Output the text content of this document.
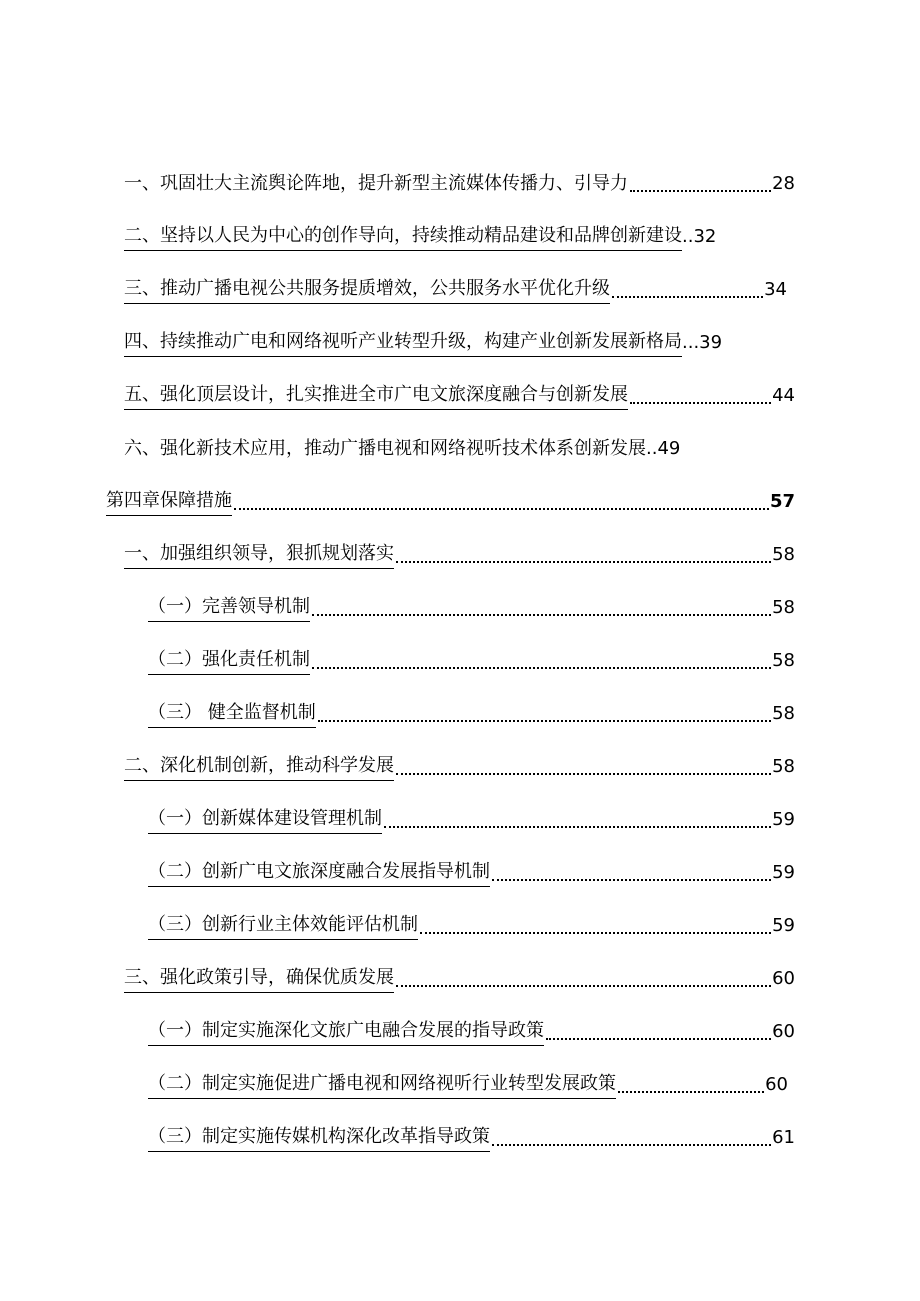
一、巩固壮大主流舆论阵地，提升新型主流媒体传播力、引导力	28
二、坚持以人民为中心的创作导向，持续推动精品建设和品牌创新建设 ..32
三、推动广播电视公共服务提质增效，公共服务水平优化升级	34
四、持续推动广电和网络视听产业转型升级，构建产业创新发展新格局 ...39
五、强化顶层设计，扎实推进全市广电文旅深度融合与创新发展	44
六、强化新技术应用，推动广播电视和网络视听技术体系创新发展 ..49
第四章保障措施	57
一、加强组织领导，狠抓规划落实	58
（一）完善领导机制	58
（二）强化责任机制	58
（三） 健全监督机制	58
二、深化机制创新，推动科学发展	58
（一）创新媒体建设管理机制	59
（二）创新广电文旅深度融合发展指导机制	59
（三）创新行业主体效能评估机制	59
三、强化政策引导，确保优质发展	60
（一）制定实施深化文旅广电融合发展的指导政策	60
（二）制定实施促进广播电视和网络视听行业转型发展政策	60
（三）制定实施传媒机构深化改革指导政策	61
